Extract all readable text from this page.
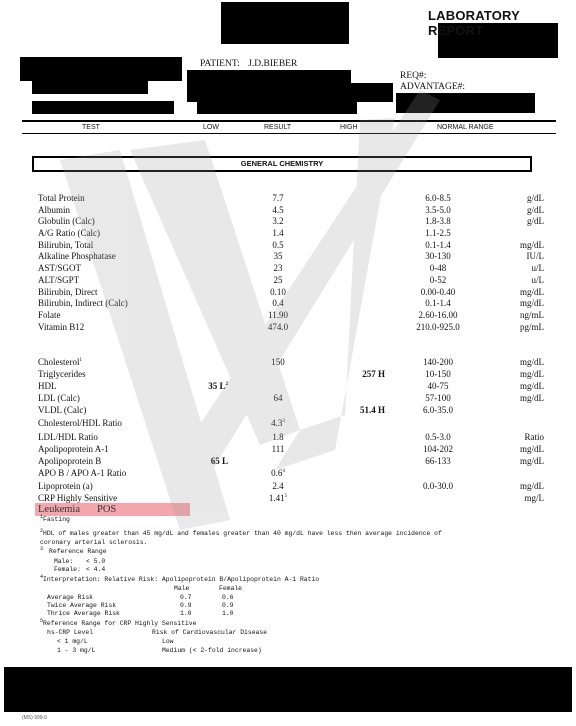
LABORATORY REPORT
PATIENT: J.D.BIEBER
REQ#:
ADVANTAGE#:
TEST	LOW	RESULT	HIGH	NORMAL RANGE
GENERAL CHEMISTRY
Total Protein	7.7	6.0-8.5	g/dL
Albumin	4.5	3.5-5.0	g/dL
Globulin (Calc)	3.2	1.8-3.8	g/dL
A/G Ratio (Calc)	1.4	1.1-2.5
Bilirubin, Total	0.5	0.1-1.4	mg/dL
Alkaline Phosphatase	35	30-130	IU/L
AST/SGOT	23	0-48	u/L
ALT/SGPT	25	0-52	u/L
Bilirubin, Direct	0.10	0.00-0.40	mg/dL
Bilirubin, Indirect (Calc)	0.4	0.1-1.4	mg/dL
Folate	11.90	2.60-16.00	ng/mL
Vitamin B12	474.0	210.0-925.0	pg/mL
Cholesterol$^1$	150	140-200	mg/dL
Triglycerides	257 H	10-150	mg/dL
HDL	35 $L^2$	40-75	mg/dL
LDL (Calc)	64	57-100	mg/dL
VLDL (Calc)	51.4 H	6.0-35.0
Cholesterol/HDL Ratio	$4.3^3$
LDL/HDL Ratio	1.8	0.5-3.0	Ratio
Apolipoprotein A-1	111	104-202	mg/dL
Apolipoprotein B	65 L	66-133	mg/dL
APO B / APO A-1 Ratio	$0.6^4$
Lipoprotein (a)	2.4	0.0-30.0	mg/dL
CRP Highly Sensitive	1.41$^5$	mg/L
Leukemia POS
$^1$Fasting
$^2$HDL of males greater than 45 mg/dL and females greater than 40 mg/dL have less then average incidence of
coronary arterial sclerosis.
$^3$ Reference Range
Male: < 5.0
Female: < 4.4
$^4$Interpretation: Relative Risk: Apolipoprotein B/Apolipoprotein A-1 Ratio
Male	Female
Average Risk	0.7	0.6
Twice Average Risk	0.9	0.9
Thrice Average Risk	1.0	1.0
$^5$Reference Range for CRP Highly Sensitive
hs-CRP Level	Risk of Cardiovascular Disease
< 1 mg/L	Low
1 - 3 mg/L	Medium (< 2-fold increase)
(MS) 999-0
